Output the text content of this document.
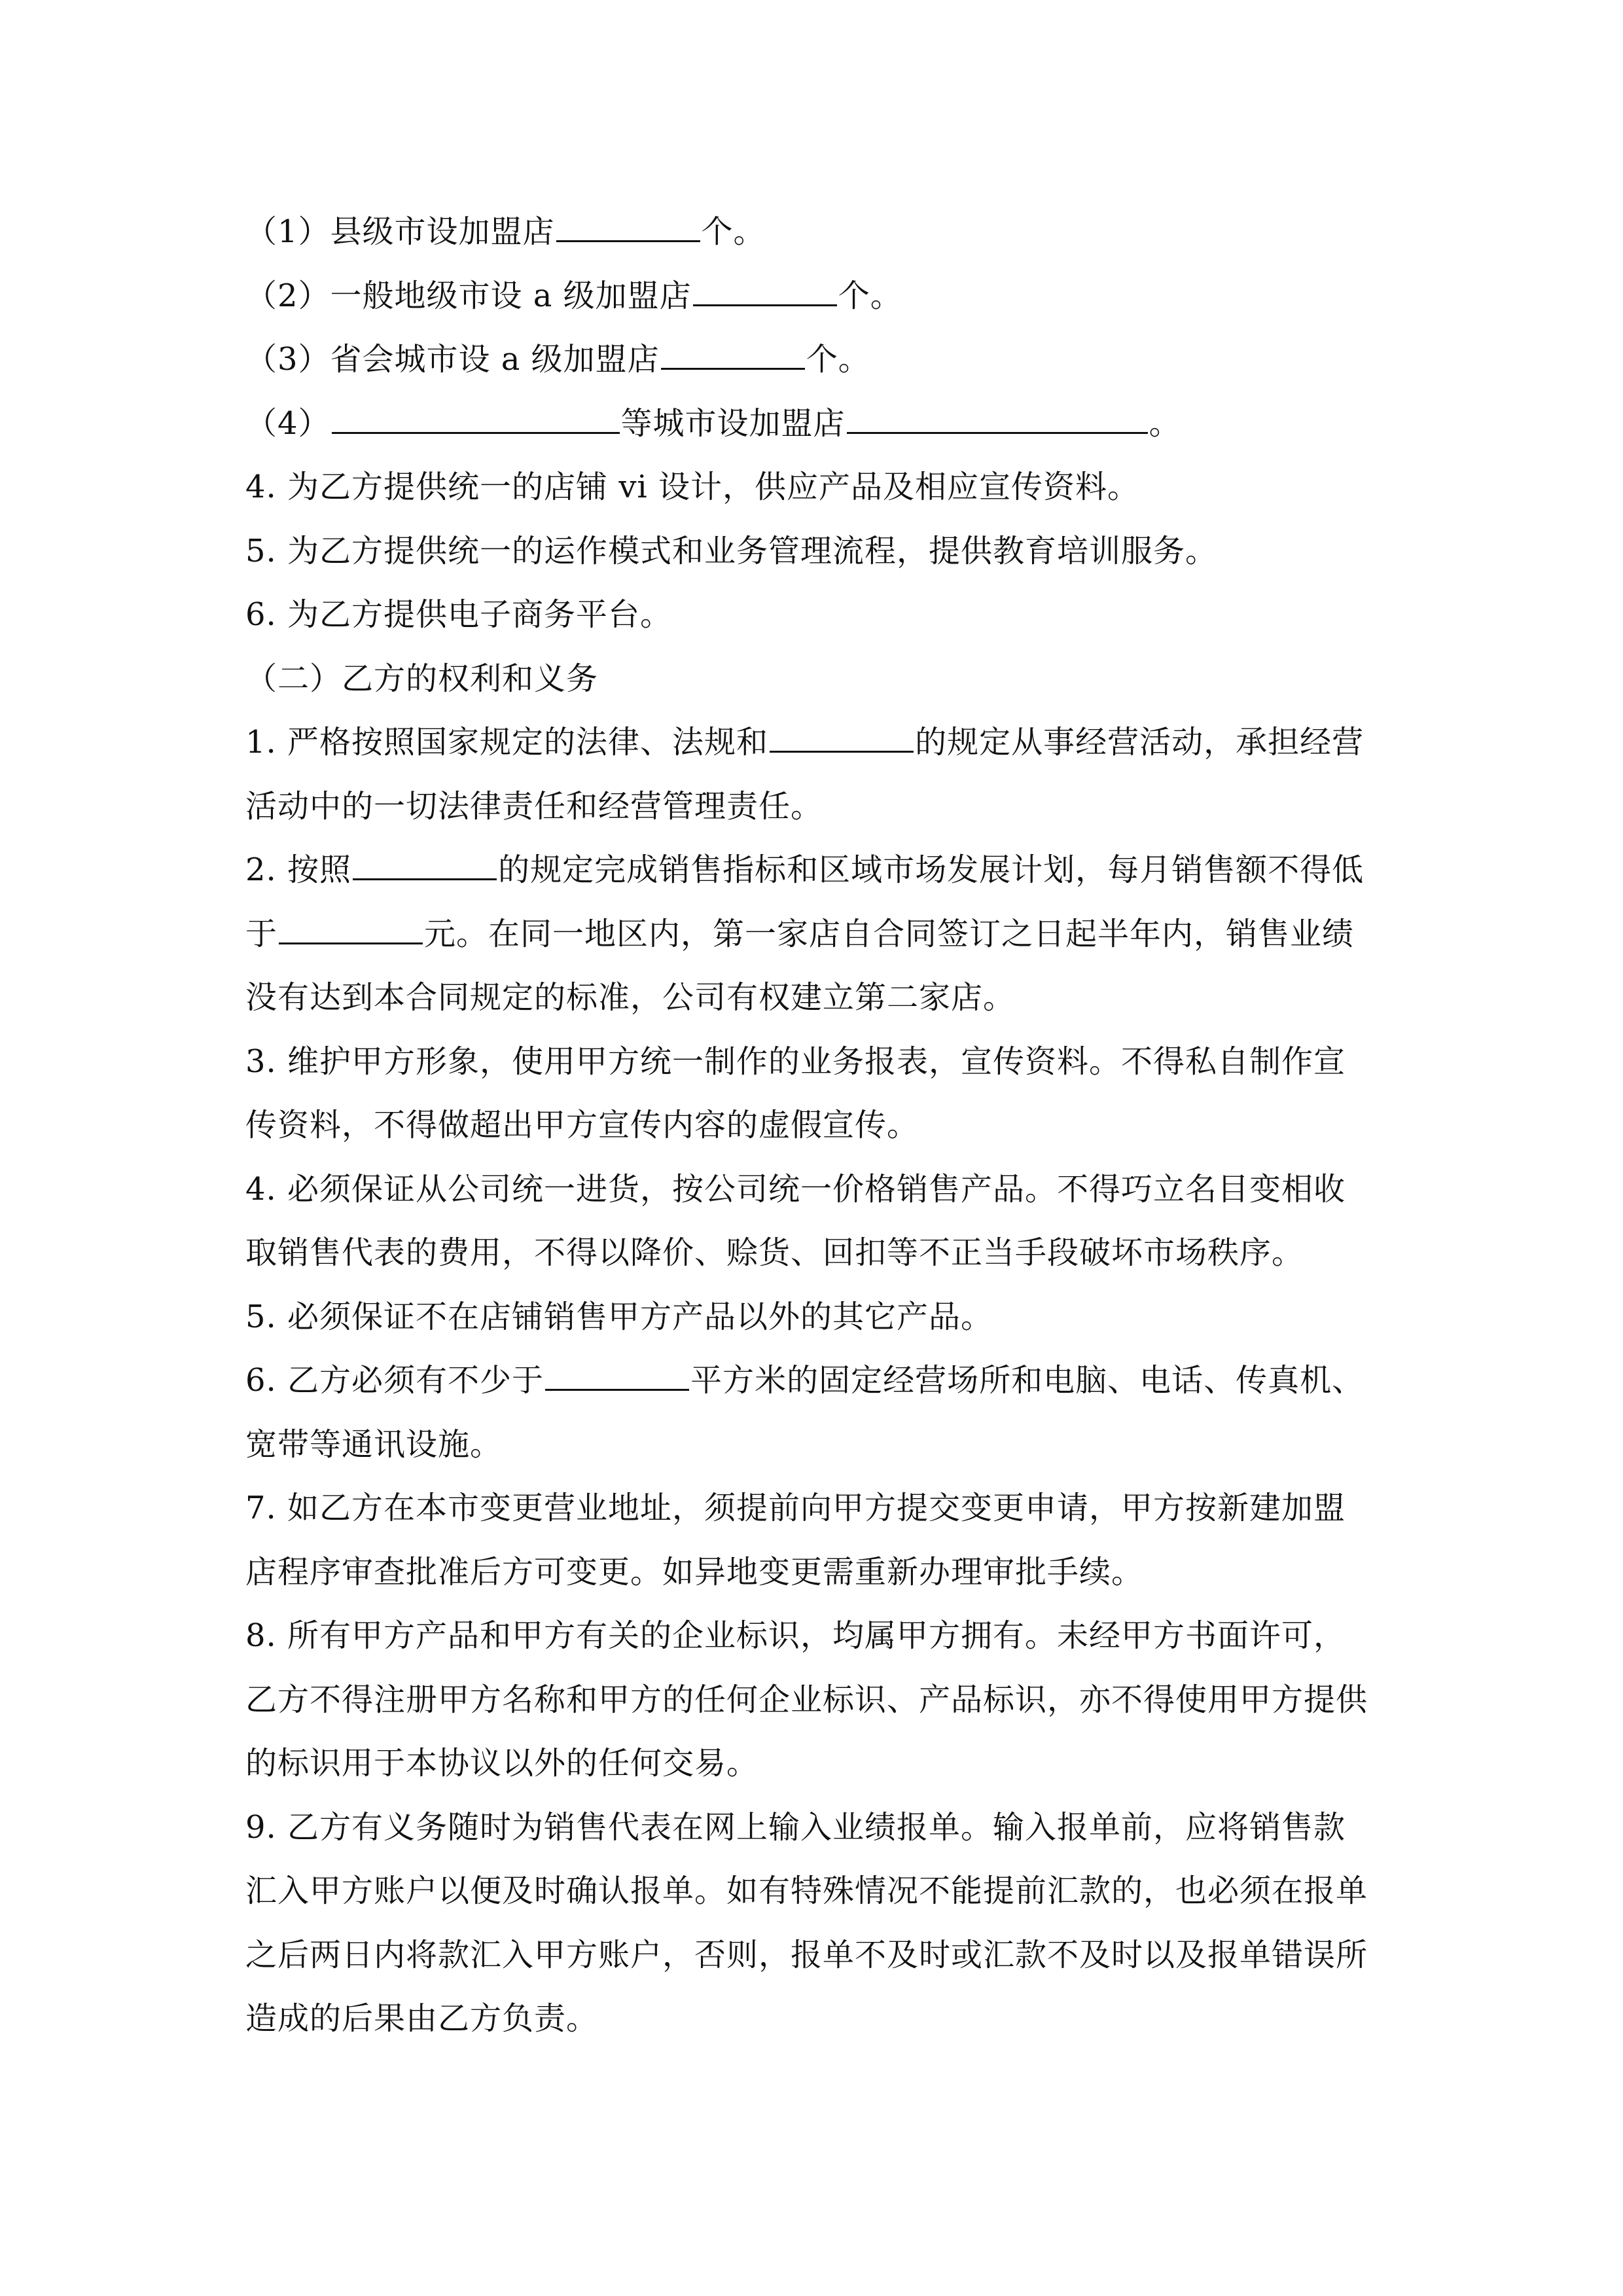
（1）县级市设加盟店	个。
（2）一般地级市设 a 级加盟店	个。
（3）省会城市设 a 级加盟店	个。
（4）	等城市设加盟店	。
4. 为乙方提供统一的店铺 vi 设计，供应产品及相应宣传资料。
5. 为乙方提供统一的运作模式和业务管理流程，提供教育培训服务。
6. 为乙方提供电子商务平台。
（二）乙方的权利和义务
1. 严格按照国家规定的法律、法规和	的规定从事经营活动，承担经营
活动中的一切法律责任和经营管理责任。
2. 按照	的规定完成销售指标和区域市场发展计划，每月销售额不得低
于	元。在同一地区内，第一家店自合同签订之日起半年内，销售业绩
没有达到本合同规定的标准，公司有权建立第二家店。
3. 维护甲方形象，使用甲方统一制作的业务报表，宣传资料。不得私自制作宣
传资料，不得做超出甲方宣传内容的虚假宣传。
4. 必须保证从公司统一进货，按公司统一价格销售产品。不得巧立名目变相收
取销售代表的费用，不得以降价、赊货、回扣等不正当手段破坏市场秩序。
5. 必须保证不在店铺销售甲方产品以外的其它产品。
6. 乙方必须有不少于	平方米的固定经营场所和电脑、电话、传真机、
宽带等通讯设施。
7. 如乙方在本市变更营业地址，须提前向甲方提交变更申请，甲方按新建加盟
店程序审查批准后方可变更。如异地变更需重新办理审批手续。
8. 所有甲方产品和甲方有关的企业标识，均属甲方拥有。未经甲方书面许可，
乙方不得注册甲方名称和甲方的任何企业标识、产品标识，亦不得使用甲方提供
的标识用于本协议以外的任何交易。
9. 乙方有义务随时为销售代表在网上输入业绩报单。输入报单前，应将销售款
汇入甲方账户以便及时确认报单。如有特殊情况不能提前汇款的，也必须在报单
之后两日内将款汇入甲方账户，否则，报单不及时或汇款不及时以及报单错误所
造成的后果由乙方负责。
